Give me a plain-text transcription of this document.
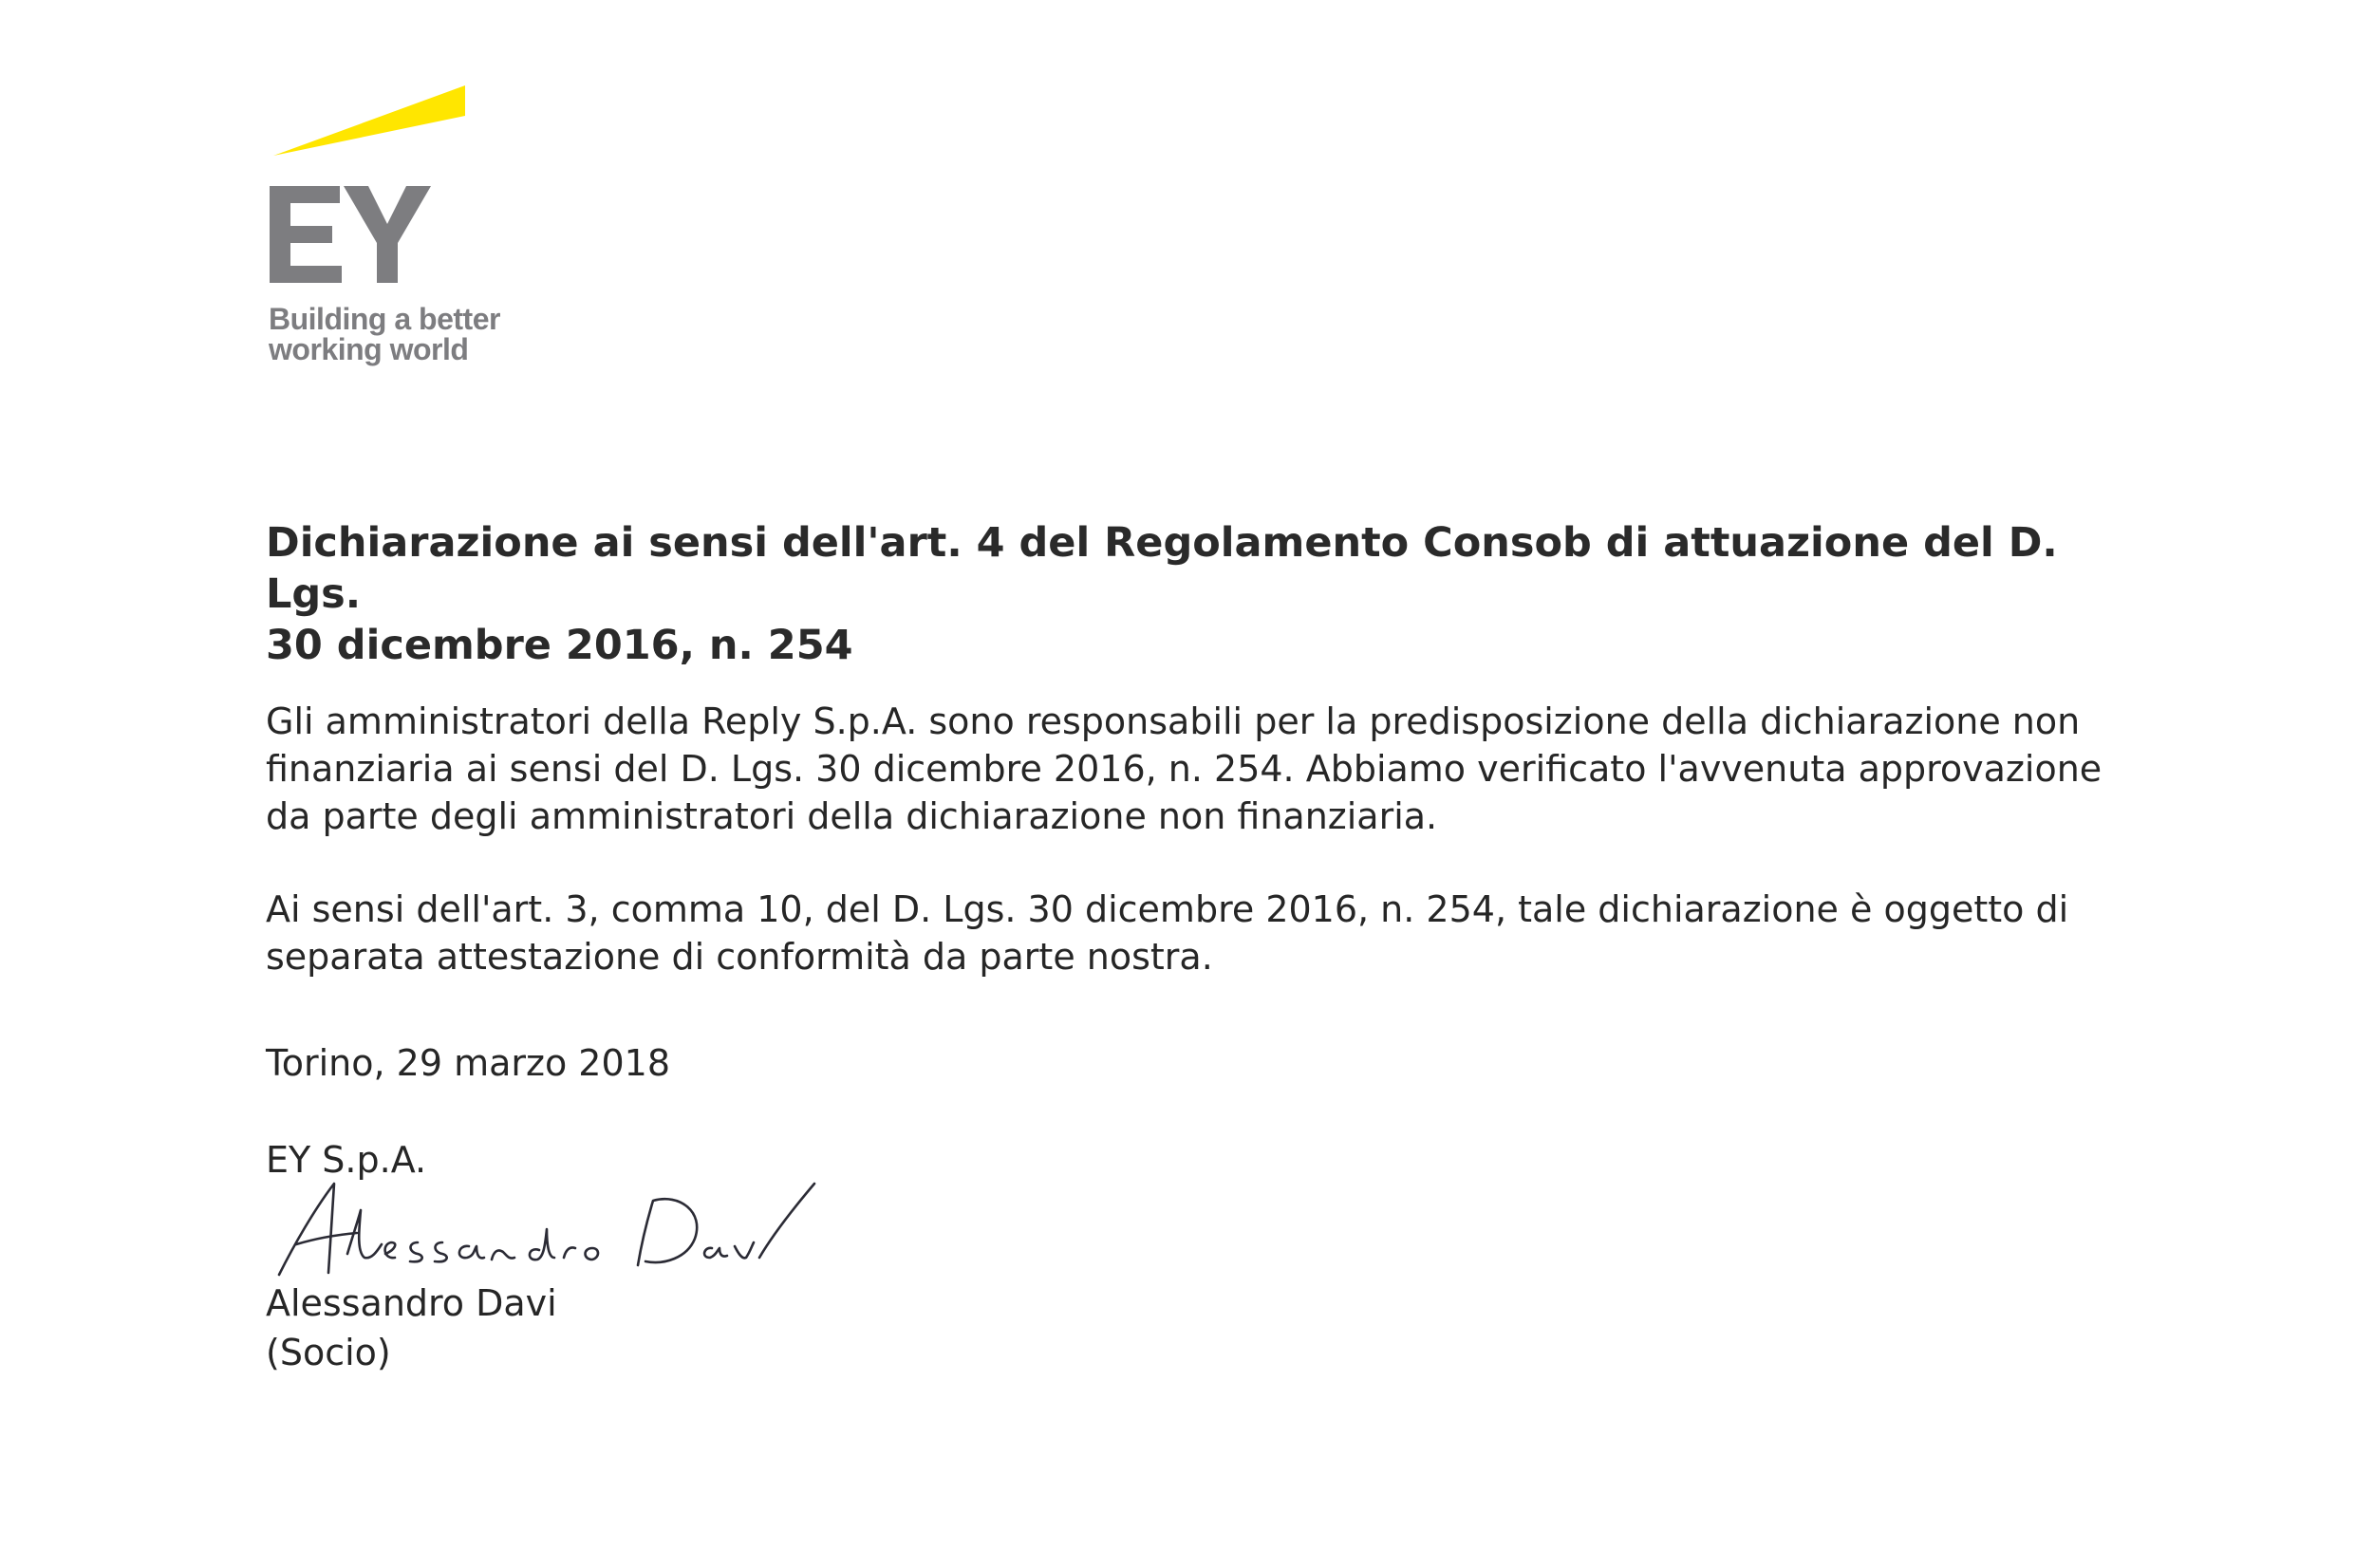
Building a better
working world
Dichiarazione ai sensi dell'art. 4 del Regolamento Consob di attuazione del D. Lgs.
30 dicembre 2016, n. 254

Gli amministratori della Reply S.p.A. sono responsabili per la predisposizione della dichiarazione non
finanziaria ai sensi del D. Lgs. 30 dicembre 2016, n. 254. Abbiamo verificato l'avvenuta approvazione
da parte degli amministratori della dichiarazione non finanziaria.

Ai sensi dell'art. 3, comma 10, del D. Lgs. 30 dicembre 2016, n. 254, tale dichiarazione è oggetto di
separata attestazione di conformità da parte nostra.

Torino, 29 marzo 2018
EY S.p.A.
Alessandro Davi
(Socio)
